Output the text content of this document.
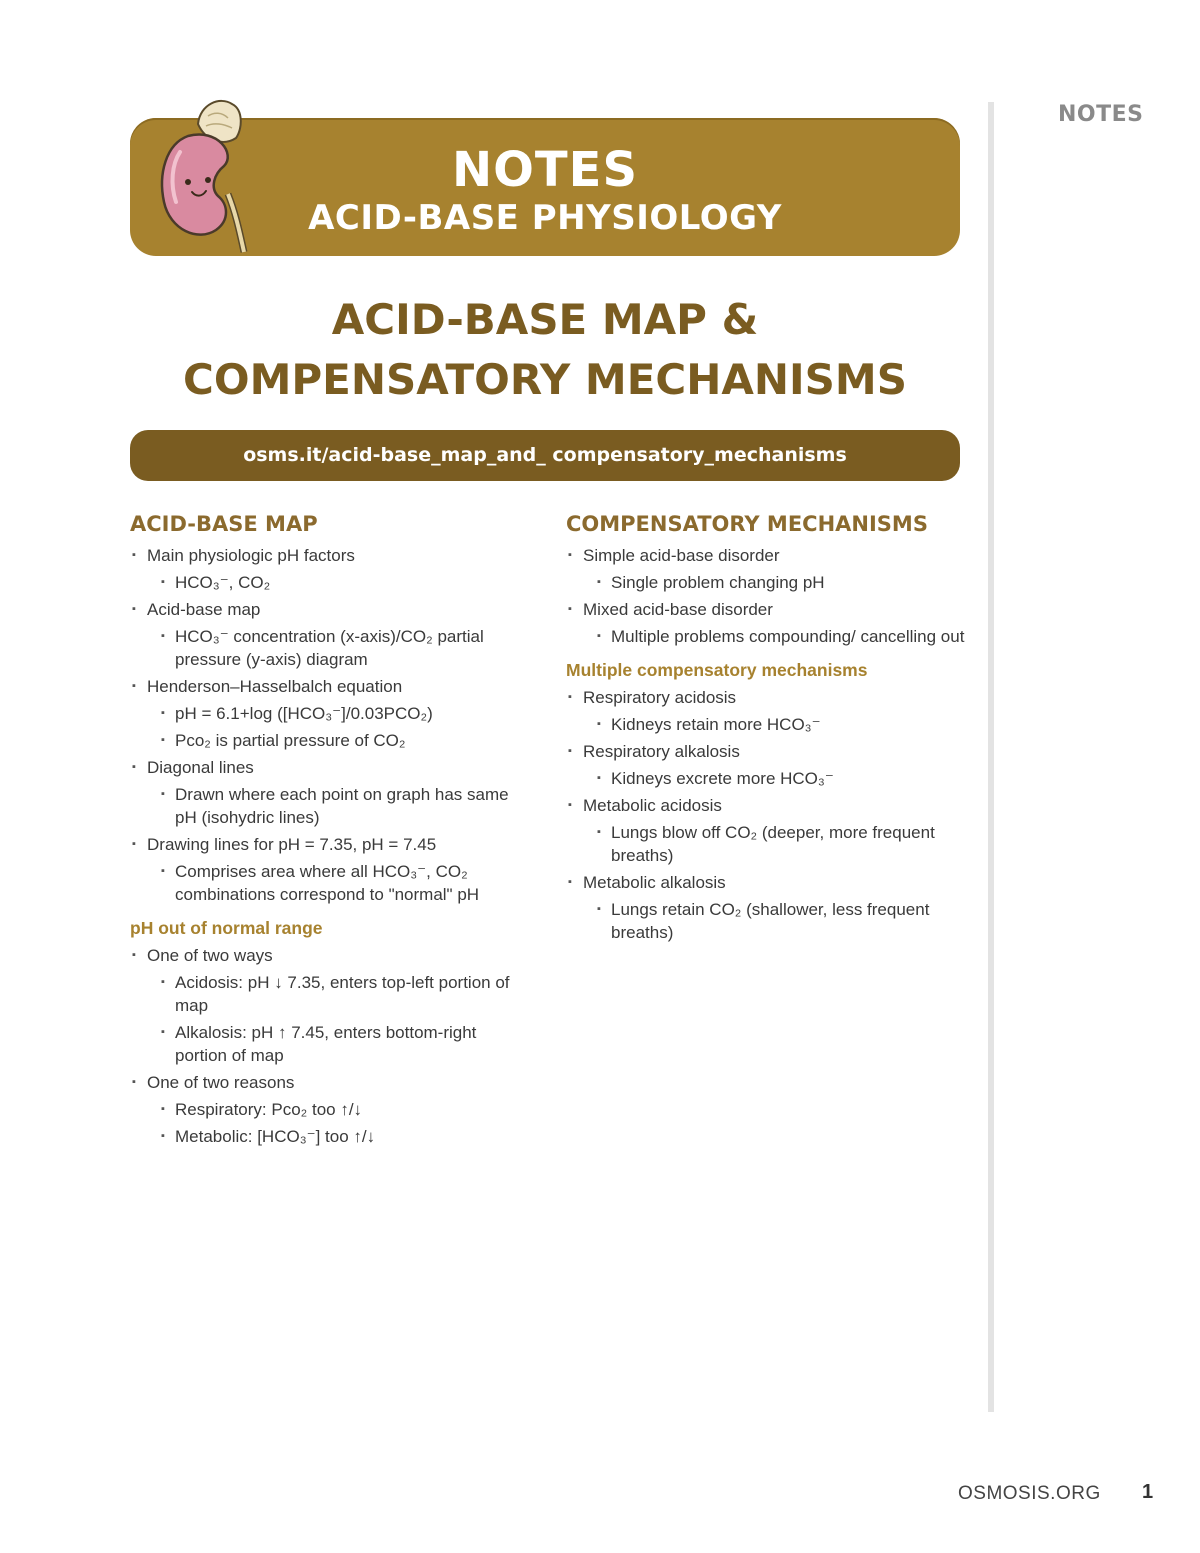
NOTES
NOTES
ACID-BASE PHYSIOLOGY
ACID-BASE MAP &
COMPENSATORY MECHANISMS
osms.it/acid-base_map_and_ compensatory_mechanisms
ACID-BASE MAP
▪ Main physiologic pH factors
▪ HCO₃⁻, CO₂
▪ Acid-base map
▪ HCO₃⁻ concentration (x-axis)/CO₂ partial pressure (y-axis) diagram
▪ Henderson–Hasselbalch equation
▪ pH = 6.1+log ([HCO₃⁻]/0.03PCO₂)
▪ Pco₂ is partial pressure of CO₂
▪ Diagonal lines
▪ Drawn where each point on graph has same pH (isohydric lines)
▪ Drawing lines for pH = 7.35, pH = 7.45
▪ Comprises area where all HCO₃⁻, CO₂ combinations correspond to "normal" pH
pH out of normal range
▪ One of two ways
▪ Acidosis: pH ↓ 7.35, enters top-left portion of map
▪ Alkalosis: pH ↑ 7.45, enters bottom-right portion of map
▪ One of two reasons
▪ Respiratory: Pco₂ too ↑/↓
▪ Metabolic: [HCO₃⁻] too ↑/↓
COMPENSATORY MECHANISMS
▪ Simple acid-base disorder
▪ Single problem changing pH
▪ Mixed acid-base disorder
▪ Multiple problems compounding/ cancelling out
Multiple compensatory mechanisms
▪ Respiratory acidosis
▪ Kidneys retain more HCO₃⁻
▪ Respiratory alkalosis
▪ Kidneys excrete more HCO₃⁻
▪ Metabolic acidosis
▪ Lungs blow off CO₂ (deeper, more frequent breaths)
▪ Metabolic alkalosis
▪ Lungs retain CO₂ (shallower, less frequent breaths)
OSMOSIS.ORG 1
